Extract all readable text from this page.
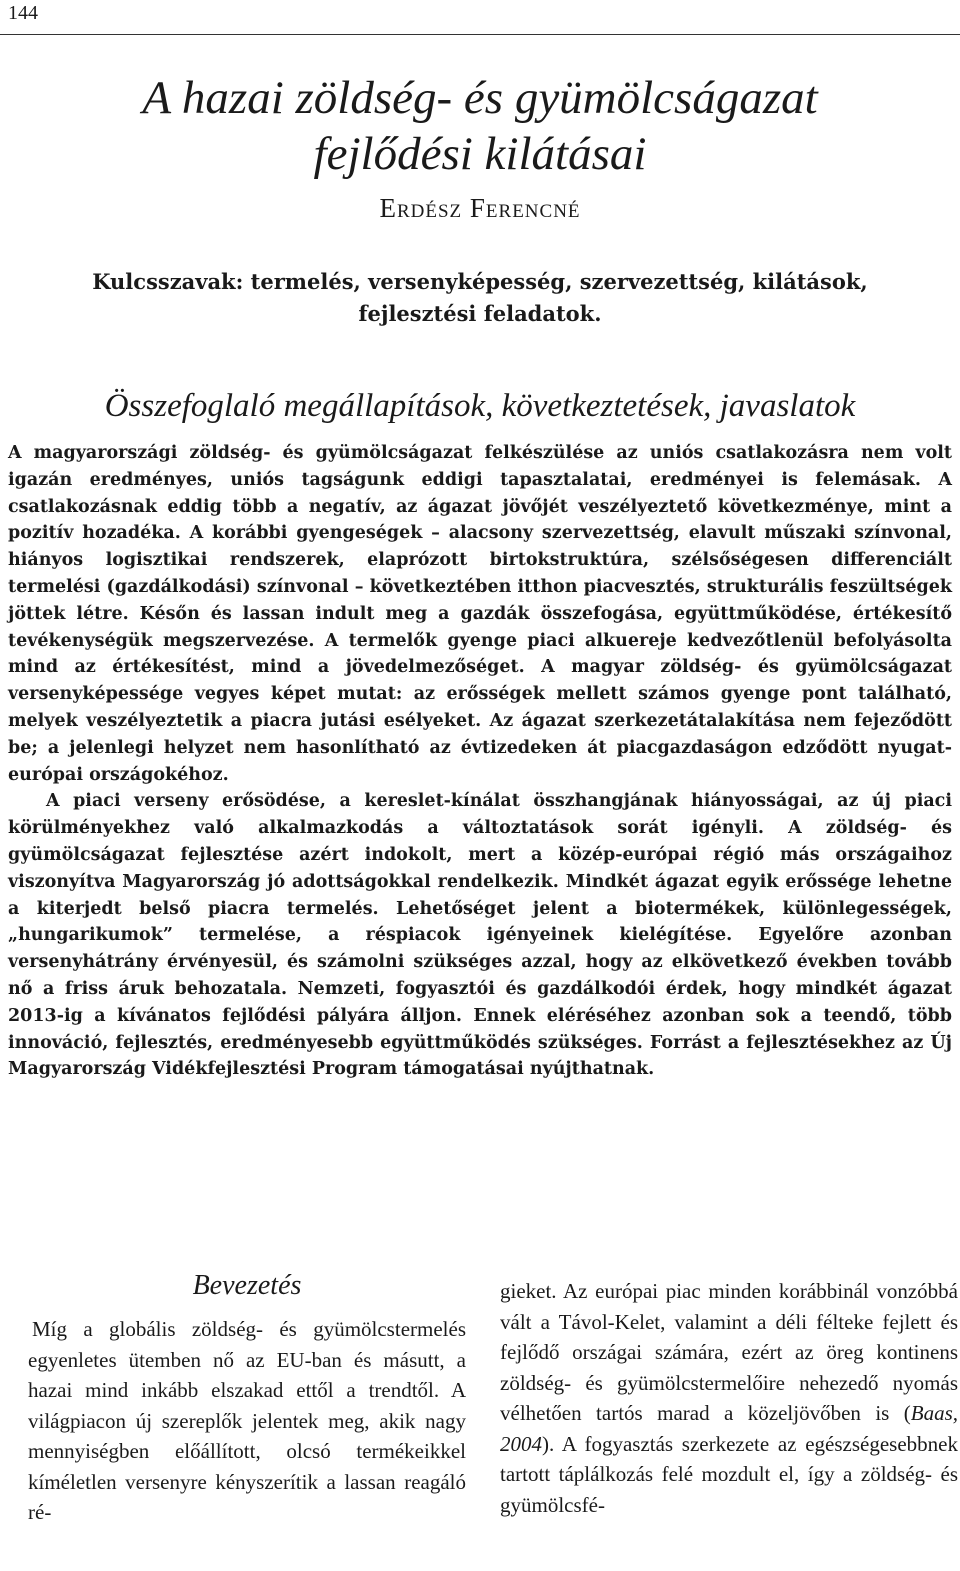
144
A hazai zöldség- és gyümölcságazat
fejlődési kilátásai
Erdész Ferencné
Kulcsszavak: termelés, versenyképesség, szervezettség, kilátások,
fejlesztési feladatok.
Összefoglaló megállapítások, következtetések, javaslatok

A magyarországi zöldség- és gyümölcságazat felkészülése az uniós csatlakozásra nem volt igazán eredményes, uniós tagságunk eddigi tapasztalatai, eredményei is felemásak. A csatlakozásnak eddig több a negatív, az ágazat jövőjét veszélyeztető következménye, mint a pozitív hozadéka. A korábbi gyengeségek – alacsony szervezettség, elavult műszaki színvonal, hiányos logisztikai rendszerek, elaprózott birtokstruktúra, szélsőségesen differenciált termelési (gazdálkodási) színvonal – következtében itthon piacvesztés, strukturális feszültségek jöttek létre. Későn és lassan indult meg a gazdák összefogása, együttműködése, értékesítő tevékenységük megszervezése. A termelők gyenge piaci alkuereje kedvezőtlenül befolyásolta mind az értékesítést, mind a jövedelmezőséget. A magyar zöldség- és gyümölcságazat versenyképessége vegyes képet mutat: az erősségek mellett számos gyenge pont található, melyek veszélyeztetik a piacra jutási esélyeket. Az ágazat szerkezetátalakítása nem fejeződött be; a jelenlegi helyzet nem hasonlítható az évtizedeken át piacgazdaságon edződött nyugat-európai országokéhoz.

A piaci verseny erősödése, a kereslet-kínálat összhangjának hiányosságai, az új piaci körülményekhez való alkalmazkodás a változtatások sorát igényli. A zöldség- és gyümölcságazat fejlesztése azért indokolt, mert a közép-európai régió más országaihoz viszonyítva Magyarország jó adottságokkal rendelkezik. Mindkét ágazat egyik erőssége lehetne a kiterjedt belső piacra termelés. Lehetőséget jelent a biotermékek, különlegességek, „hungarikumok” termelése, a réspiacok igényeinek kielégítése. Egyelőre azonban versenyhátrány érvényesül, és számolni szükséges azzal, hogy az elkövetkező években tovább nő a friss áruk behozatala. Nemzeti, fogyasztói és gazdálkodói érdek, hogy mindkét ágazat 2013-ig a kívánatos fejlődési pályára álljon. Ennek eléréséhez azonban sok a teendő, több innováció, fejlesztés, eredményesebb együttműködés szükséges. Forrást a fejlesztésekhez az Új Magyarország Vidékfejlesztési Program támogatásai nyújthatnak.

Bevezetés

Míg a globális zöldség- és gyümölcstermelés egyenletes ütemben nő az EU-ban és másutt, a hazai mind inkább elszakad ettől a trendtől. A világpiacon új szereplők jelentek meg, akik nagy mennyiségben előállított, olcsó termékeikkel kíméletlen versenyre kényszerítik a lassan reagáló ré-

gieket. Az európai piac minden korábbinál vonzóbbá vált a Távol-Kelet, valamint a déli félteke fejlett és fejlődő országai számára, ezért az öreg kontinens zöldség- és gyümölcstermelőire nehezedő nyomás vélhetően tartós marad a közeljövőben is (Baas, 2004). A fogyasztás szerkezete az egészségesebbnek tartott táplálkozás felé mozdult el, így a zöldség- és gyümölcsfé-
